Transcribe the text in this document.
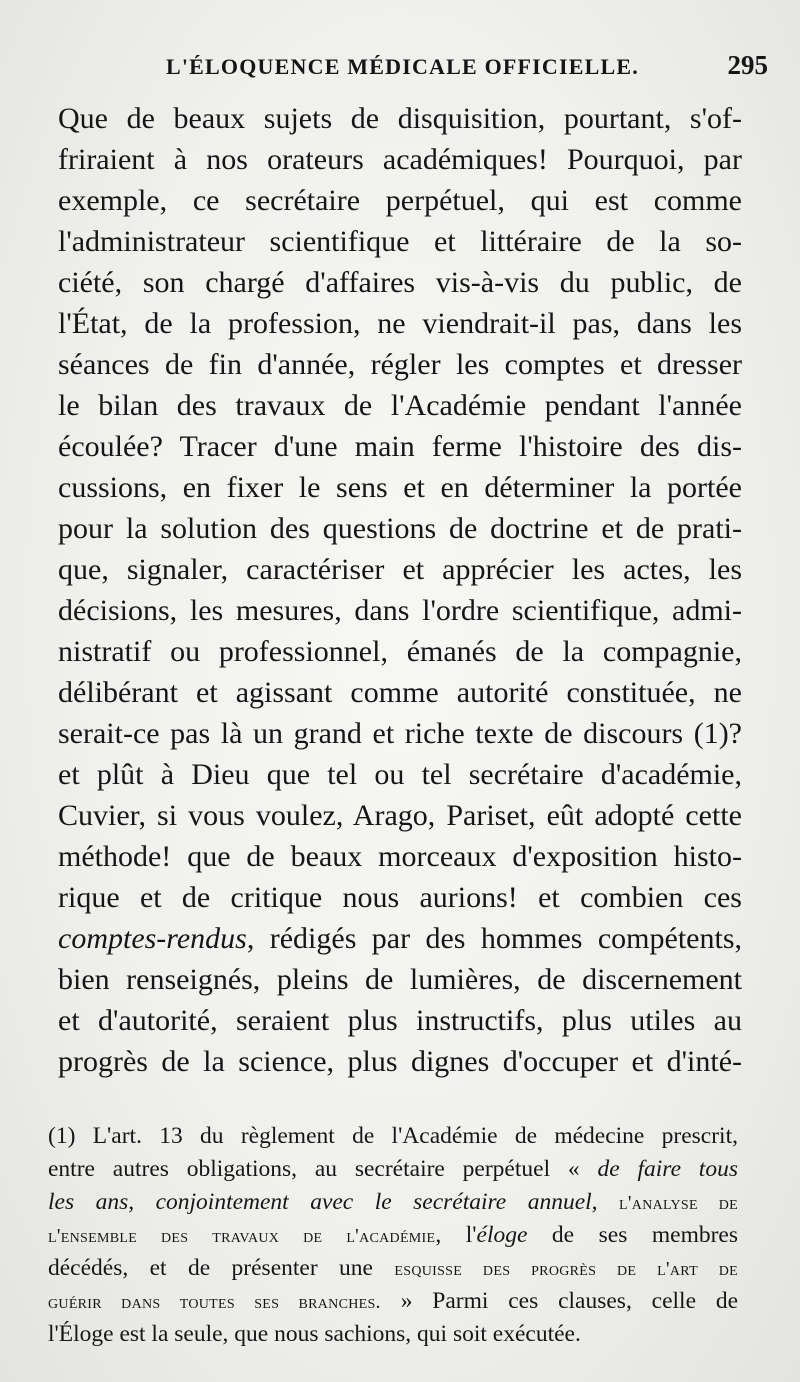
L'ÉLOQUENCE MÉDICALE OFFICIELLE.	295
Que de beaux sujets de disquisition, pourtant, s'of-
friraient à nos orateurs académiques! Pourquoi, par
exemple, ce secrétaire perpétuel, qui est comme
l'administrateur scientifique et littéraire de la so-
ciété, son chargé d'affaires vis-à-vis du public, de
l'État, de la profession, ne viendrait-il pas, dans les
séances de fin d'année, régler les comptes et dresser
le bilan des travaux de l'Académie pendant l'année
écoulée? Tracer d'une main ferme l'histoire des dis-
cussions, en fixer le sens et en déterminer la portée
pour la solution des questions de doctrine et de prati-
que, signaler, caractériser et apprécier les actes, les
décisions, les mesures, dans l'ordre scientifique, admi-
nistratif ou professionnel, émanés de la compagnie,
délibérant et agissant comme autorité constituée, ne
serait-ce pas là un grand et riche texte de discours (1)?
et plût à Dieu que tel ou tel secrétaire d'académie,
Cuvier, si vous voulez, Arago, Pariset, eût adopté cette
méthode! que de beaux morceaux d'exposition histo-
rique et de critique nous aurions! et combien ces
comptes-rendus, rédigés par des hommes compétents,
bien renseignés, pleins de lumières, de discernement
et d'autorité, seraient plus instructifs, plus utiles au
progrès de la science, plus dignes d'occuper et d'inté-
(1) L'art. 13 du règlement de l'Académie de médecine prescrit,
entre autres obligations, au secrétaire perpétuel « de faire tous
les ans, conjointement avec le secrétaire annuel, l'analyse de
l'ensemble des travaux de l'académie, l'éloge de ses membres
décédés, et de présenter une esquisse des progrès de l'art de
guérir dans toutes ses branches. » Parmi ces clauses, celle de
l'Éloge est la seule, que nous sachions, qui soit exécutée.
